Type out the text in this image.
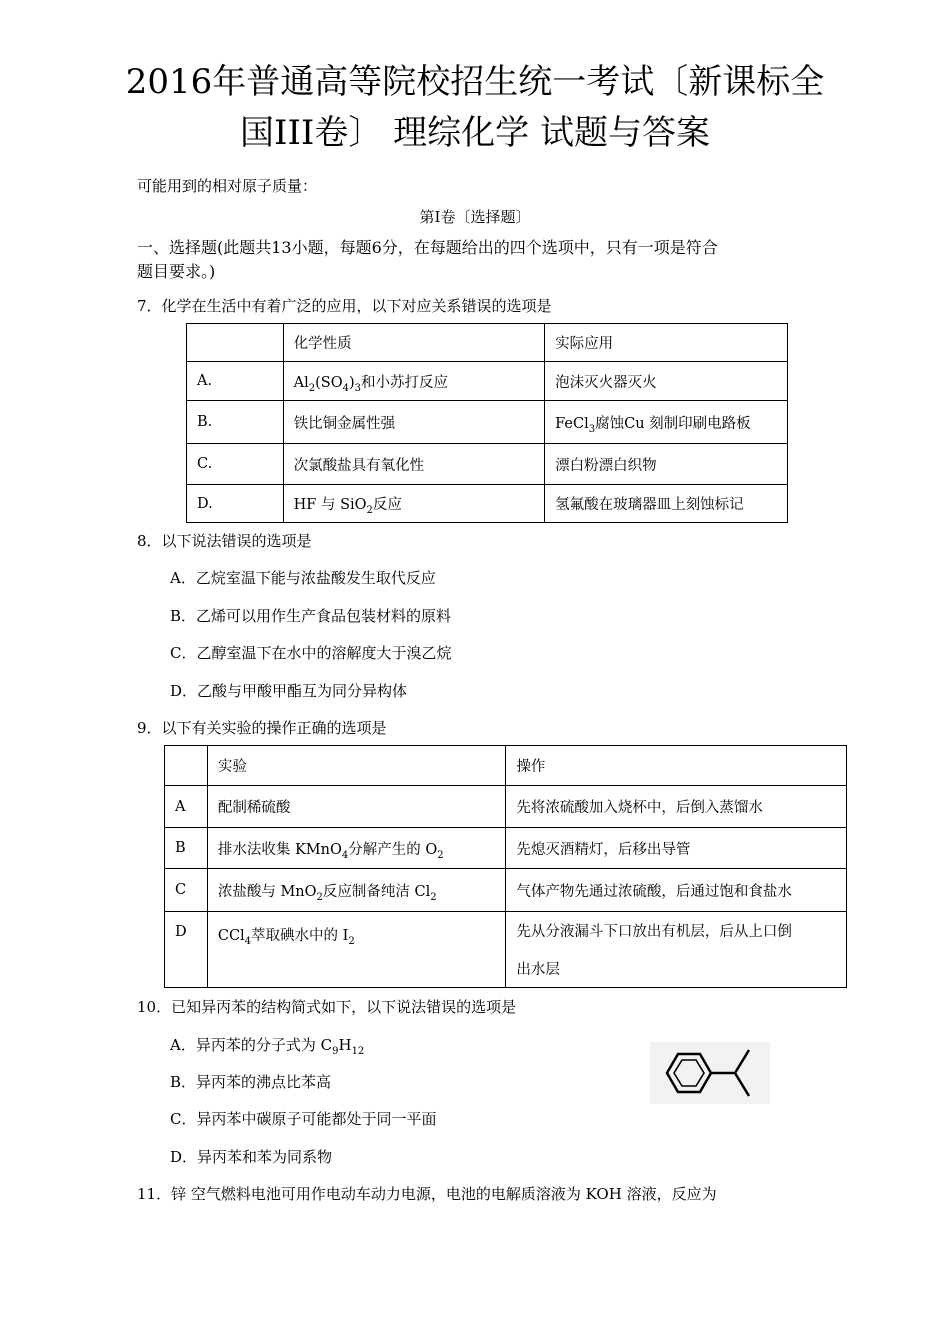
2016年普通高等院校招生统一考试〔新课标全
国III卷〕 理综化学 试题与答案
可能用到的相对原子质量：
第Ⅰ卷〔选择题〕
一、选择题(此题共13小题，每题6分，在每题给出的四个选项中，只有一项是符合
题目要求。)
7．化学在生活中有着广泛的应用，以下对应关系错误的选项是
	化学性质	实际应用
A.	$Al_2(SO_4)_3$和小苏打反应	泡沫灭火器灭火
B.	铁比铜金属性强	FeCl$_3$腐蚀Cu 刻制印刷电路板
C.	次氯酸盐具有氧化性	漂白粉漂白织物
D.	HF 与 SiO$_2$反应	氢氟酸在玻璃器皿上刻蚀标记
8．以下说法错误的选项是
A．乙烷室温下能与浓盐酸发生取代反应
B．乙烯可以用作生产食品包装材料的原料
C．乙醇室温下在水中的溶解度大于溴乙烷
D．乙酸与甲酸甲酯互为同分异构体
9．以下有关实验的操作正确的选项是
	实验	操作
A	配制稀硫酸	先将浓硫酸加入烧杯中，后倒入蒸馏水

B	排水法收集 KMnO$_4$分解产生的 $O_2$	先熄灭酒精灯，后移出导管

C	浓盐酸与 MnO$_2$反应制备纯洁 $Cl_2$	气体产物先通过浓硫酸，后通过饱和食盐水

D	CCl$_4$萃取碘水中的 $I_2$	先从分液漏斗下口放出有机层，后从上口倒
出水层
10．已知异丙苯的结构简式如下，以下说法错误的选项是
A．异丙苯的分子式为 $C_9H_{12}$
B．异丙苯的沸点比苯高
C．异丙苯中碳原子可能都处于同一平面
D．异丙苯和苯为同系物
11．锌 空气燃料电池可用作电动车动力电源，电池的电解质溶液为 KOH 溶液，反应为
